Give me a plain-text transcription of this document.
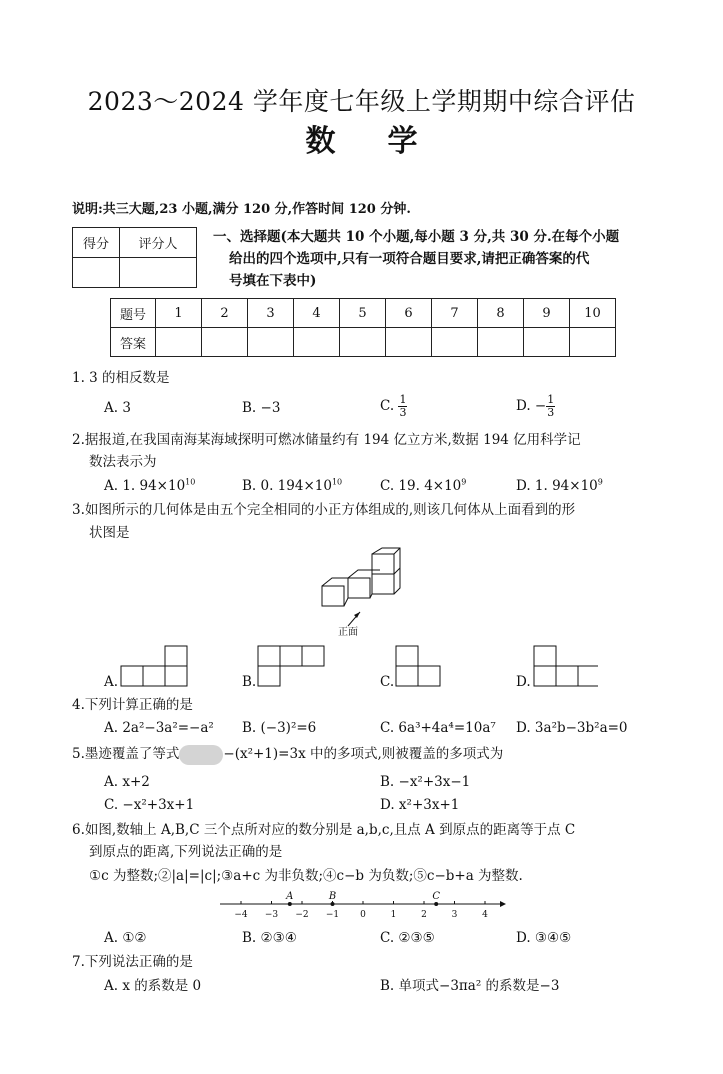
2023～2024 学年度七年级上学期期中综合评估
数学
说明:共三大题,23 小题,满分 120 分,作答时间 120 分钟.
得分	评分人
		一、选择题(本大题共 10 个小题,每小题 3 分,共 30 分.在每个小题
给出的四个选项中,只有一项符合题目要求,请把正确答案的代
号填在下表中)
题号	1	2	3	4	5	6	7	8	9	10
答案										
1. 3 的相反数是
A. 3	B. −3	C. $\frac{1}{3}$	D. − $\frac{1}{3}$
2.据报道,在我国南海某海域探明可燃冰储量约有 194 亿立方米,数据 194 亿用科学记
数法表示为
A. 1. $94\times 10^{10}$	B. 0. $194\times 10^{10}$	C. 19. $4\times 10^9$	D. 1. $94\times 10^9$
3.如图所示的几何体是由五个完全相同的小正方体组成的,则该几何体从上面看到的形
状图是
正面
A.	B.	C.	D.
4.下列计算正确的是
A. 2a²−3a²=−a² B. (−3)²=6	C. 6a³+4a⁴=10a⁷ D. 3a²b−3b²a=0
5.墨迹覆盖了等式	−(x²+1)=3x 中的多项式,则被覆盖的多项式为
A. x+2	B. −x²+3x−1
C. −x²+3x+1	D. x²+3x+1
6.如图,数轴上 A,B,C 三个点所对应的数分别是 a,b,c,且点 A 到原点的距离等于点 C
到原点的距离,下列说法正确的是
①c 为整数;②|a|=|c|;③a+c 为非负数;④c−b 为负数;⑤c−b+a 为整数.
−4 −3 −2 −1 0	1	2	3	4
A	B	C
A. ①②	B. ②③④	C. ②③⑤	D. ③④⑤
7.下列说法正确的是
A. x 的系数是 0	B. 单项式−3πa² 的系数是−3
